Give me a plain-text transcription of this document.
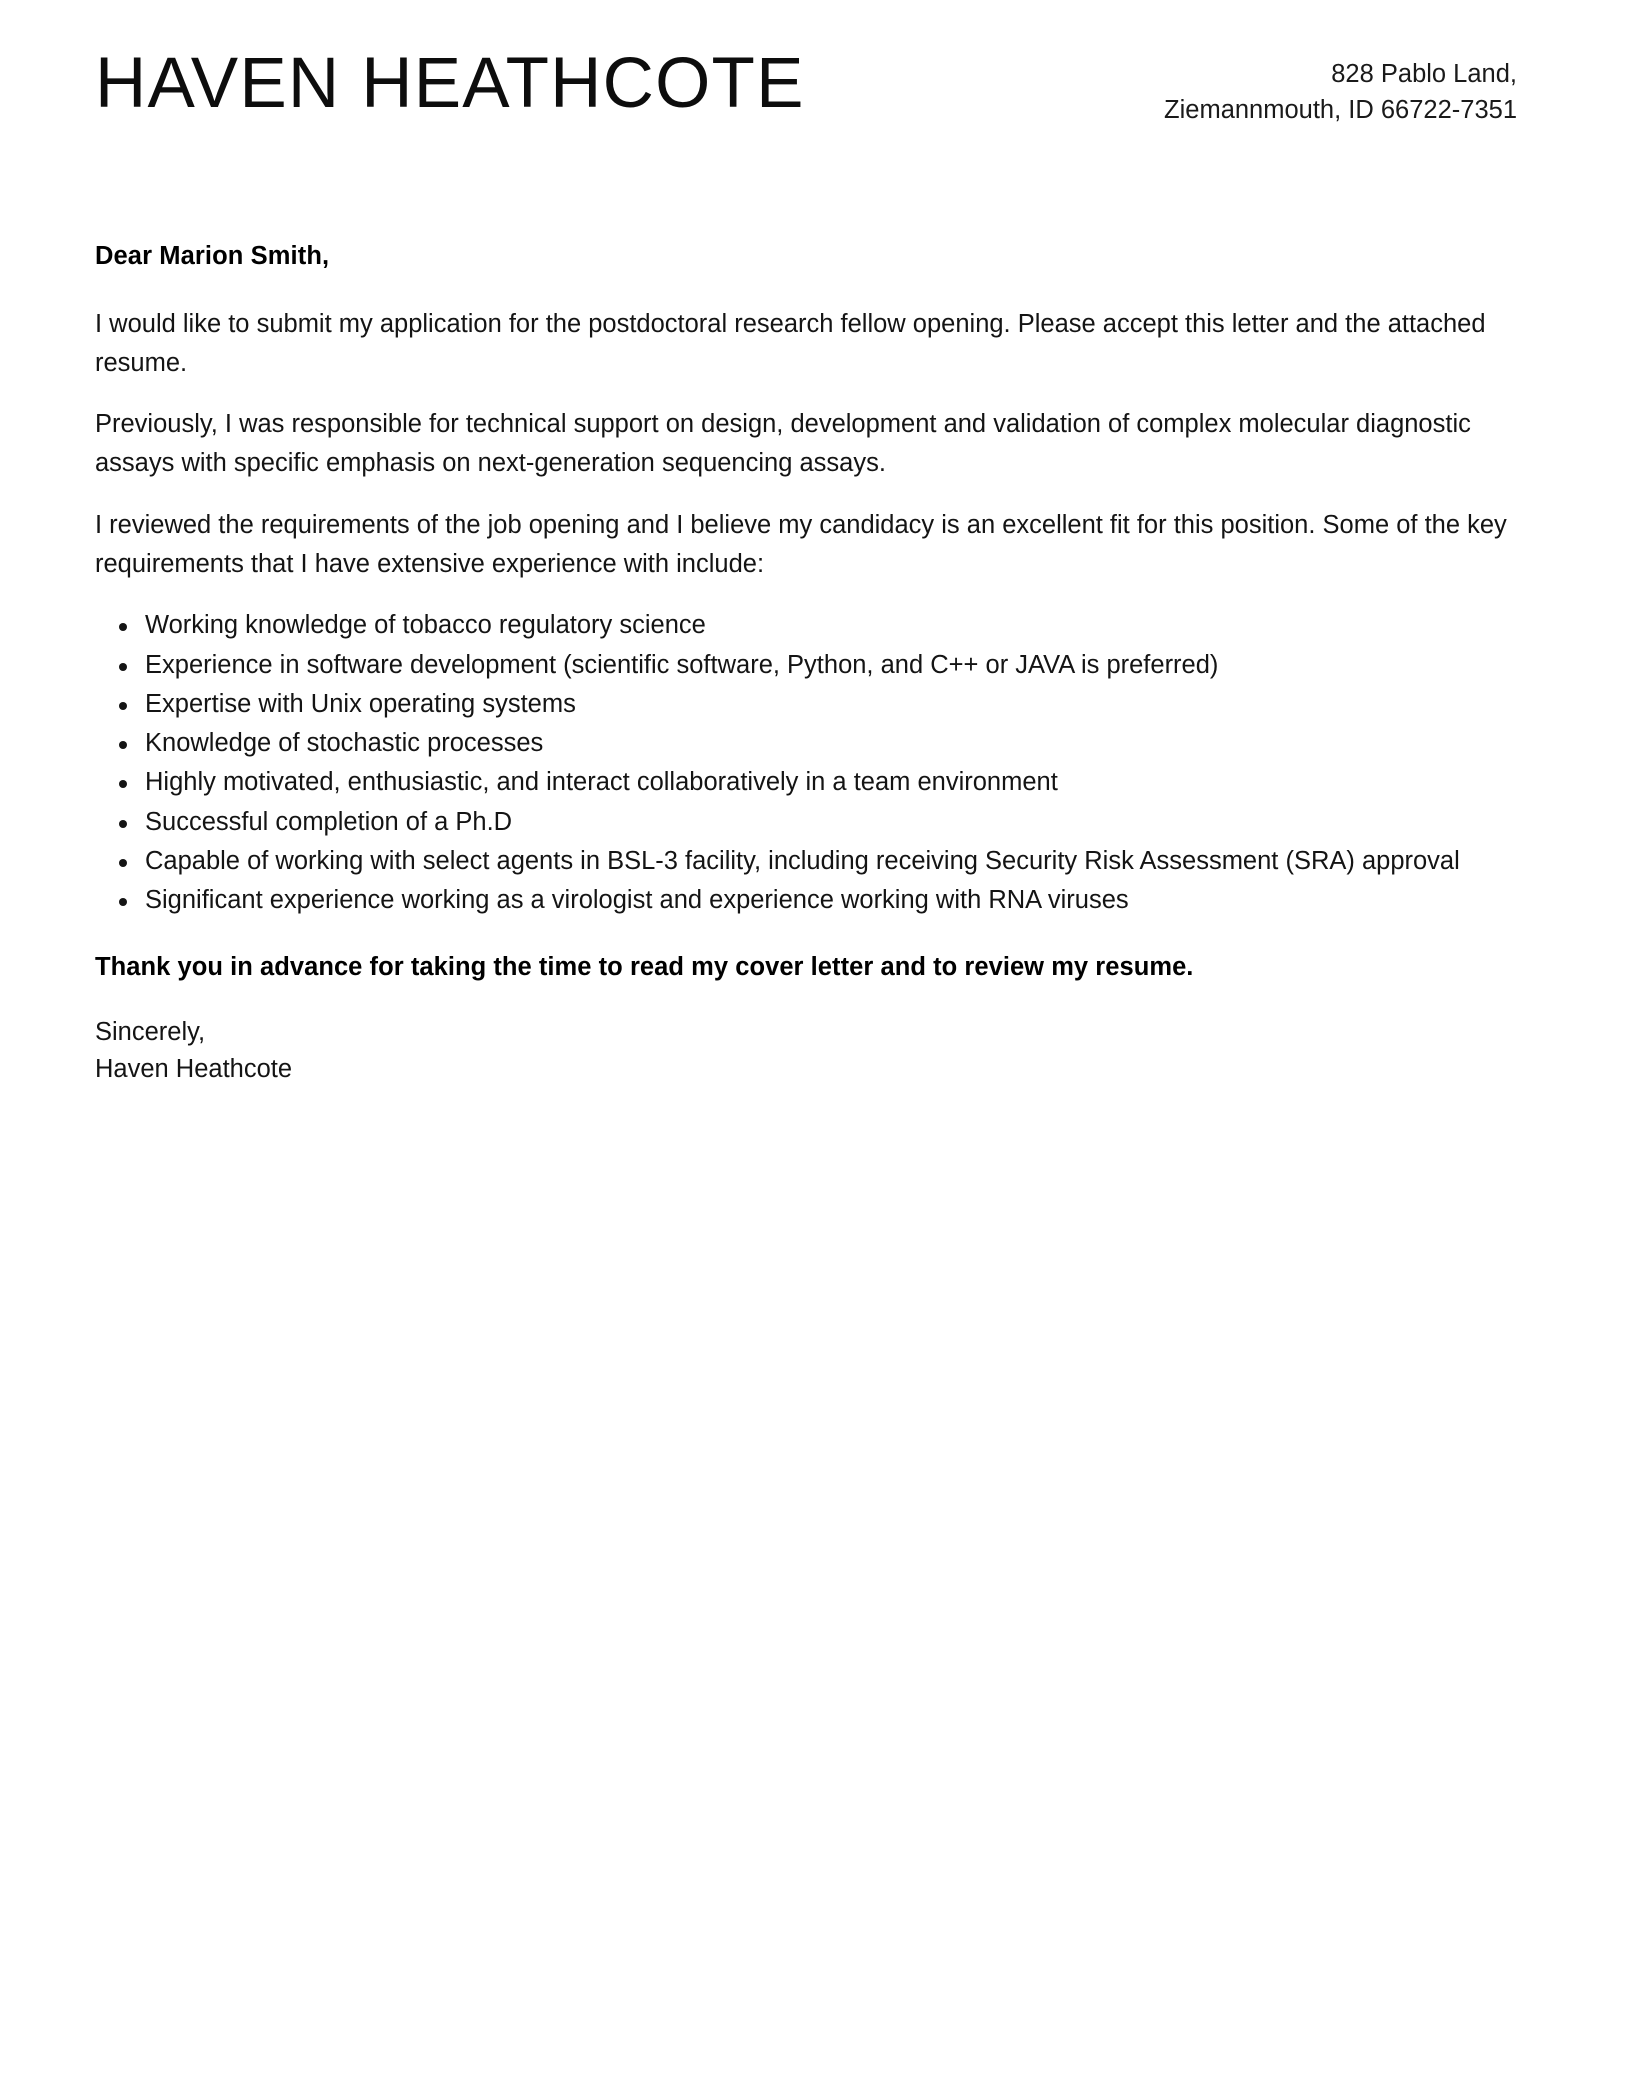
HAVEN HEATHCOTE	828 Pablo Land,
Ziemannmouth, ID 66722-7351
Dear Marion Smith,

I would like to submit my application for the postdoctoral research fellow opening. Please accept this letter and the attached resume.

Previously, I was responsible for technical support on design, development and validation of complex molecular diagnostic assays with specific emphasis on next-generation sequencing assays.

I reviewed the requirements of the job opening and I believe my candidacy is an excellent fit for this position. Some of the key requirements that I have extensive experience with include:

Working knowledge of tobacco regulatory science
Experience in software development (scientific software, Python, and C++ or JAVA is preferred)
Expertise with Unix operating systems
Knowledge of stochastic processes
Highly motivated, enthusiastic, and interact collaboratively in a team environment
Successful completion of a Ph.D
Capable of working with select agents in BSL-3 facility, including receiving Security Risk Assessment (SRA) approval
Significant experience working as a virologist and experience working with RNA viruses
Thank you in advance for taking the time to read my cover letter and to review my resume.
Sincerely,
Haven Heathcote
